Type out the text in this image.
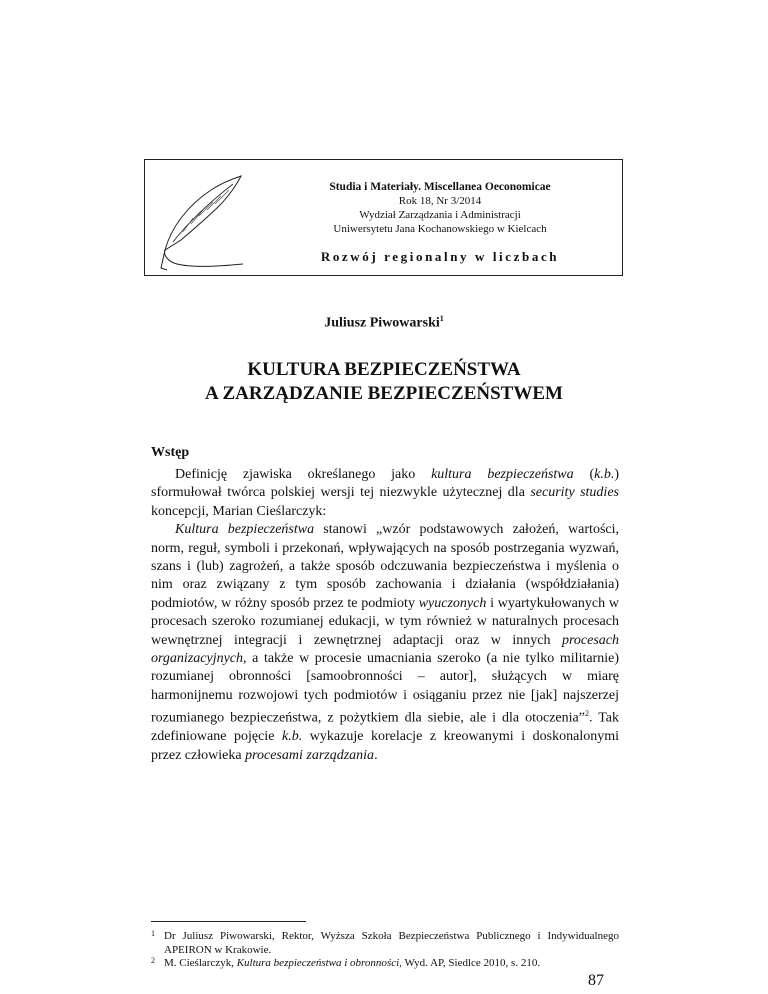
Studia i Materiały. Miscellanea Oeconomicae
Rok 18, Nr 3/2014
Wydział Zarządzania i Administracji
Uniwersytetu Jana Kochanowskiego w Kielcach
Rozwój regionalny w liczbach
Juliusz Piwowarski$^1$
KULTURA BEZPIECZEŃSTWA
A ZARZĄDZANIE BEZPIECZEŃSTWEM
Wstęp

Definicję zjawiska określanego jako kultura bezpieczeństwa (k.b.) sformułował twórca polskiej wersji tej niezwykle użytecznej dla security studies koncepcji, Marian Cieślarczyk:

Kultura bezpieczeństwa stanowi „wzór podstawowych założeń, wartości, norm, reguł, symboli i przekonań, wpływających na sposób postrzegania wyzwań, szans i (lub) zagrożeń, a także sposób odczuwania bezpieczeństwa i myślenia o nim oraz związany z tym sposób zachowania i działania (współdziałania) podmiotów, w różny sposób przez te podmioty wyuczonych i wyartykułowanych w procesach szeroko rozumianej edukacji, w tym również w naturalnych procesach wewnętrznej integracji i zewnętrznej adaptacji oraz w innych procesach organizacyjnych, a także w procesie umacniania szeroko (a nie tylko militarnie) rozumianej obronności [samoobronności – autor], służących w miarę harmonijnemu rozwojowi tych podmiotów i osiąganiu przez nie [jak] najszerzej rozumianego bezpieczeństwa, z pożytkiem dla siebie, ale i dla otoczenia”$^2$. Tak zdefiniowane pojęcie k.b. wykazuje korelacje z kreowanymi i doskonalonymi przez człowieka procesami zarządzania.

1 Dr Juliusz Piwowarski, Rektor, Wyższa Szkoła Bezpieczeństwa Publicznego i Indywidualnego APEIRON w Krakowie.
2 M. Cieślarczyk, Kultura bezpieczeństwa i obronności, Wyd. AP, Siedlce 2010, s. 210.
87
